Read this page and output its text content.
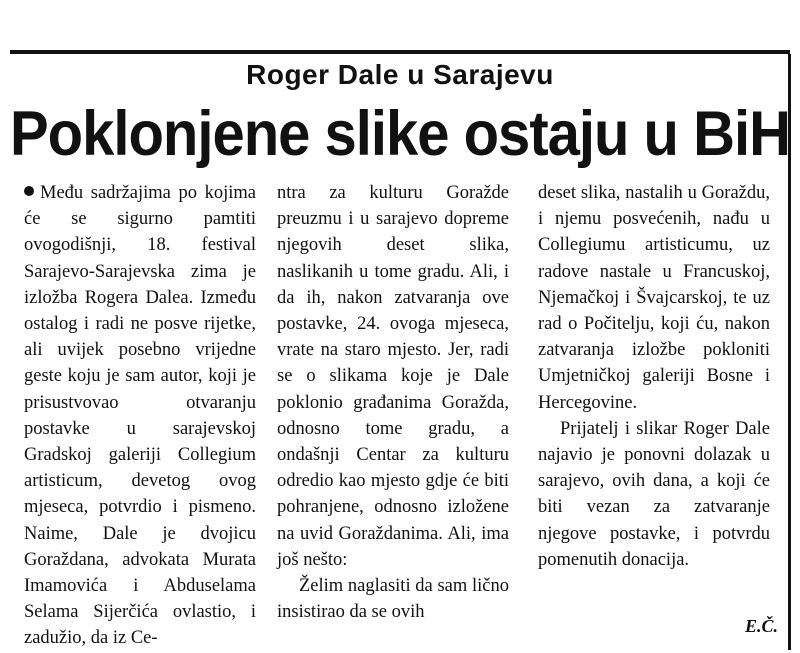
Roger Dale u Sarajevu
Poklonjene slike ostaju u BiH

Među sadržajima po kojima će se sigurno pamtiti ovogodišnji, 18. festival Sarajevo-Sarajevska zima je izložba Rogera Dalea. Između ostalog i radi ne posve rijetke, ali uvijek posebno vrijedne geste koju je sam autor, koji je prisustvovao otvaranju postavke u sarajevskoj Gradskoj galeriji Collegium artisticum, devetog ovog mjeseca, potvrdio i pismeno. Naime, Dale je dvojicu Goraždana, advokata Murata Imamovića i Abduselama Selama Sijerčića ovlastio, i zadužio, da iz Ce-

ntra za kulturu Goražde preuzmu i u sarajevo dopreme njegovih deset slika, naslikanih u tome gradu. Ali, i da ih, nakon zatvaranja ove postavke, 24. ovoga mjeseca, vrate na staro mjesto. Jer, radi se o slikama koje je Dale poklonio građanima Goražda, odnosno tome gradu, a ondašnji Centar za kulturu odredio kao mjesto gdje će biti pohranjene, odnosno izložene na uvid Goraždanima. Ali, ima još nešto:

Želim naglasiti da sam lično insistirao da se ovih

deset slika, nastalih u Goraždu, i njemu posvećenih, nađu u Collegiumu artisticumu, uz radove nastale u Francuskoj, Njemačkoj i Švajcarskoj, te uz rad o Počitelju, koji ću, nakon zatvaranja izložbe pokloniti Umjetničkoj galeriji Bosne i Hercegovine.

Prijatelj i slikar Roger Dale najavio je ponovni dolazak u sarajevo, ovih dana, a koji će biti vezan za zatvaranje njegove postavke, i potvrdu pomenutih donacija.

E.Č.
